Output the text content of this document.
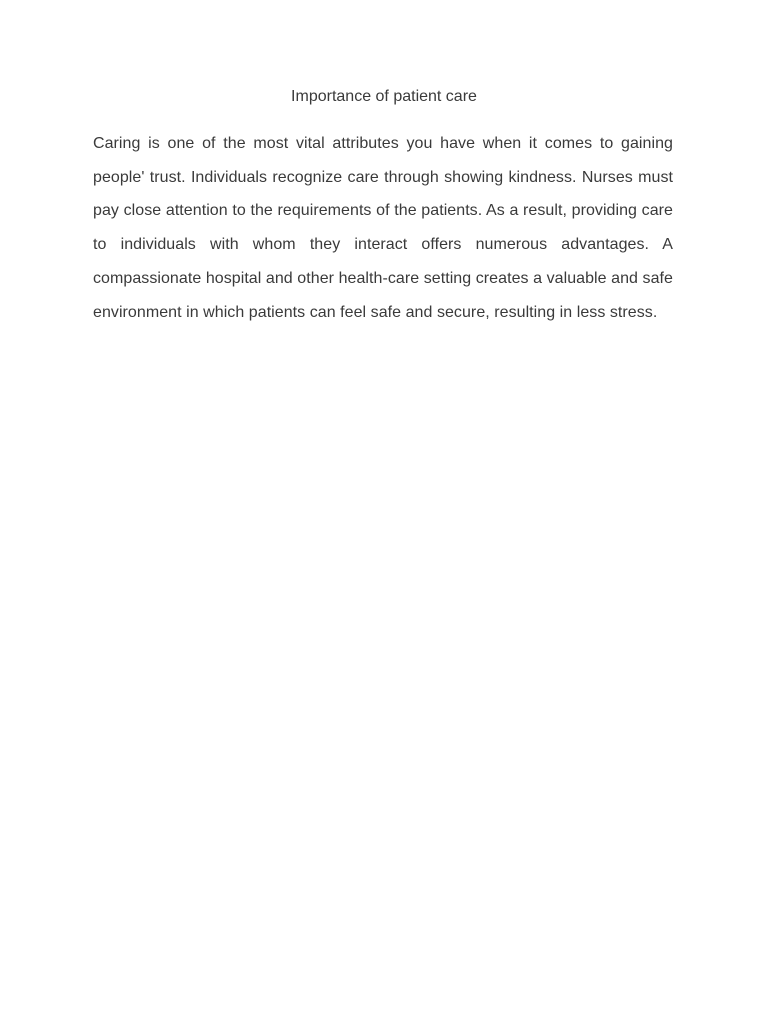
Importance of patient care

Caring is one of the most vital attributes you have when it comes to gaining people' trust. Individuals recognize care through showing kindness. Nurses must pay close attention to the requirements of the patients. As a result, providing care to individuals with whom they interact offers numerous advantages. A compassionate hospital and other health-care setting creates a valuable and safe environment in which patients can feel safe and secure, resulting in less stress.
